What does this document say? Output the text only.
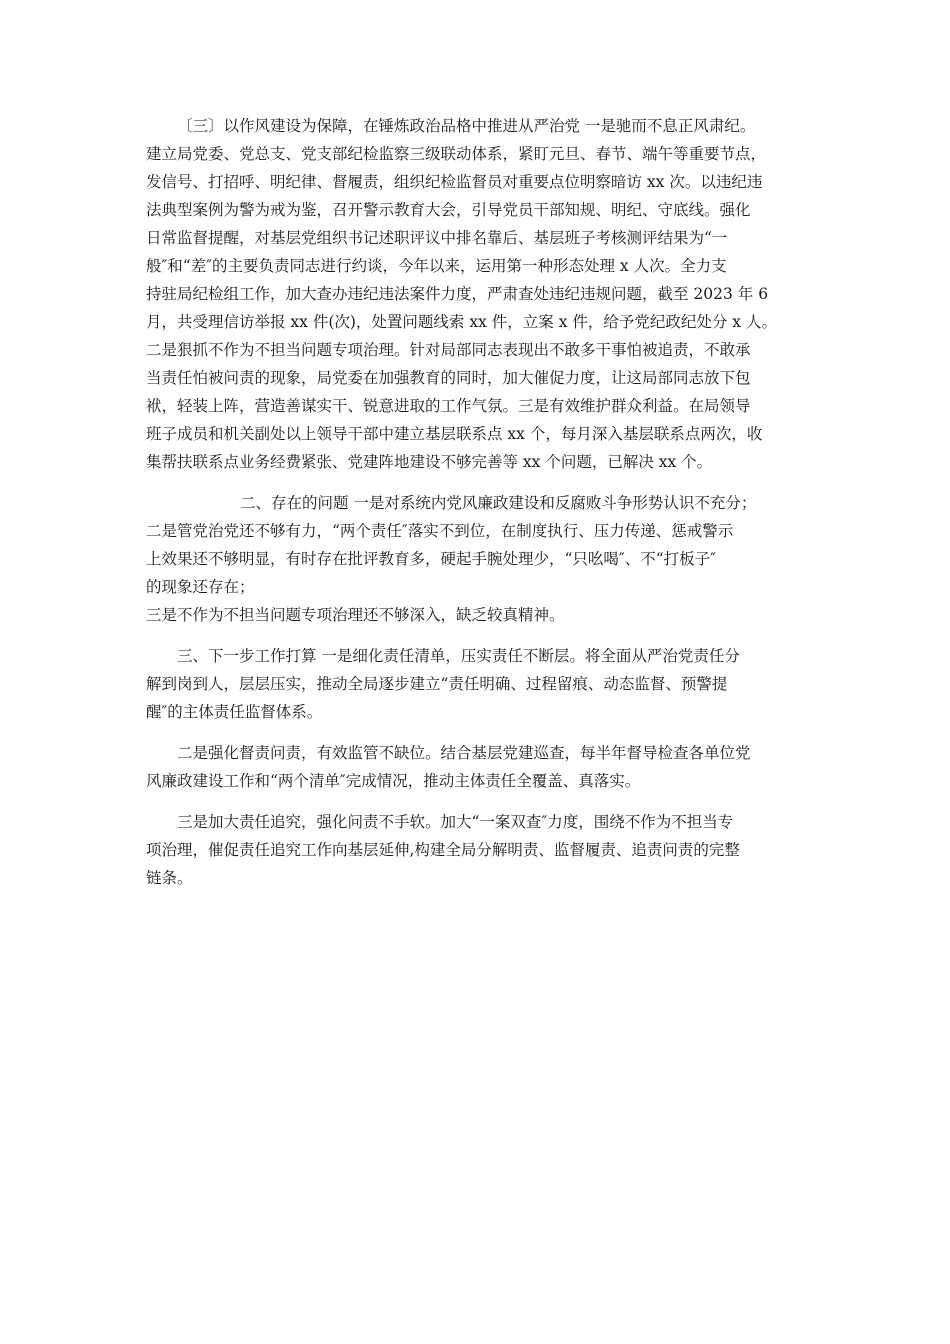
〔三〕以作风建设为保障，在锤炼政治品格中推进从严治党 一是驰而不息正风肃纪。
建立局党委、党总支、党支部纪检监察三级联动体系，紧盯元旦、春节、端午等重要节点，
发信号、打招呼、明纪律、督履责，组织纪检监督员对重要点位明察暗访 xx 次。以违纪违
法典型案例为警为戒为鉴，召开警示教育大会，引导党员干部知规、明纪、守底线。强化
日常监督提醒，对基层党组织书记述职评议中排名靠后、基层班子考核测评结果为“一
般″和“差″的主要负责同志进行约谈，今年以来，运用第一种形态处理 x 人次。全力支
持驻局纪检组工作，加大查办违纪违法案件力度，严肃查处违纪违规问题，截至 2023 年 6
月，共受理信访举报 xx 件(次)，处置问题线索 xx 件，立案 x 件，给予党纪政纪处分 x 人。
二是狠抓不作为不担当问题专项治理。针对局部同志表现出不敢多干事怕被追责，不敢承
当责任怕被问责的现象，局党委在加强教育的同时，加大催促力度，让这局部同志放下包
袱，轻装上阵，营造善谋实干、锐意进取的工作气氛。三是有效维护群众利益。在局领导
班子成员和机关副处以上领导干部中建立基层联系点 xx 个，每月深入基层联系点两次，收
集帮扶联系点业务经费紧张、党建阵地建设不够完善等 xx 个问题，已解决 xx 个。

二、存在的问题 一是对系统内党风廉政建设和反腐败斗争形势认识不充分；
二是管党治党还不够有力，“两个责任″落实不到位，在制度执行、压力传递、惩戒警示
上效果还不够明显，有时存在批评教育多，硬起手腕处理少，“只吆喝″、不“打板子″
的现象还存在；
三是不作为不担当问题专项治理还不够深入，缺乏较真精神。

三、下一步工作打算 一是细化责任清单，压实责任不断层。将全面从严治党责任分
解到岗到人，层层压实，推动全局逐步建立“责任明确、过程留痕、动态监督、预警提
醒″的主体责任监督体系。

二是强化督责问责，有效监管不缺位。结合基层党建巡查，每半年督导检查各单位党
风廉政建设工作和“两个清单″完成情况，推动主体责任全覆盖、真落实。

三是加大责任追究，强化问责不手软。加大“一案双查″力度，围绕不作为不担当专
项治理，催促责任追究工作向基层延伸,构建全局分解明责、监督履责、追责问责的完整
链条。
